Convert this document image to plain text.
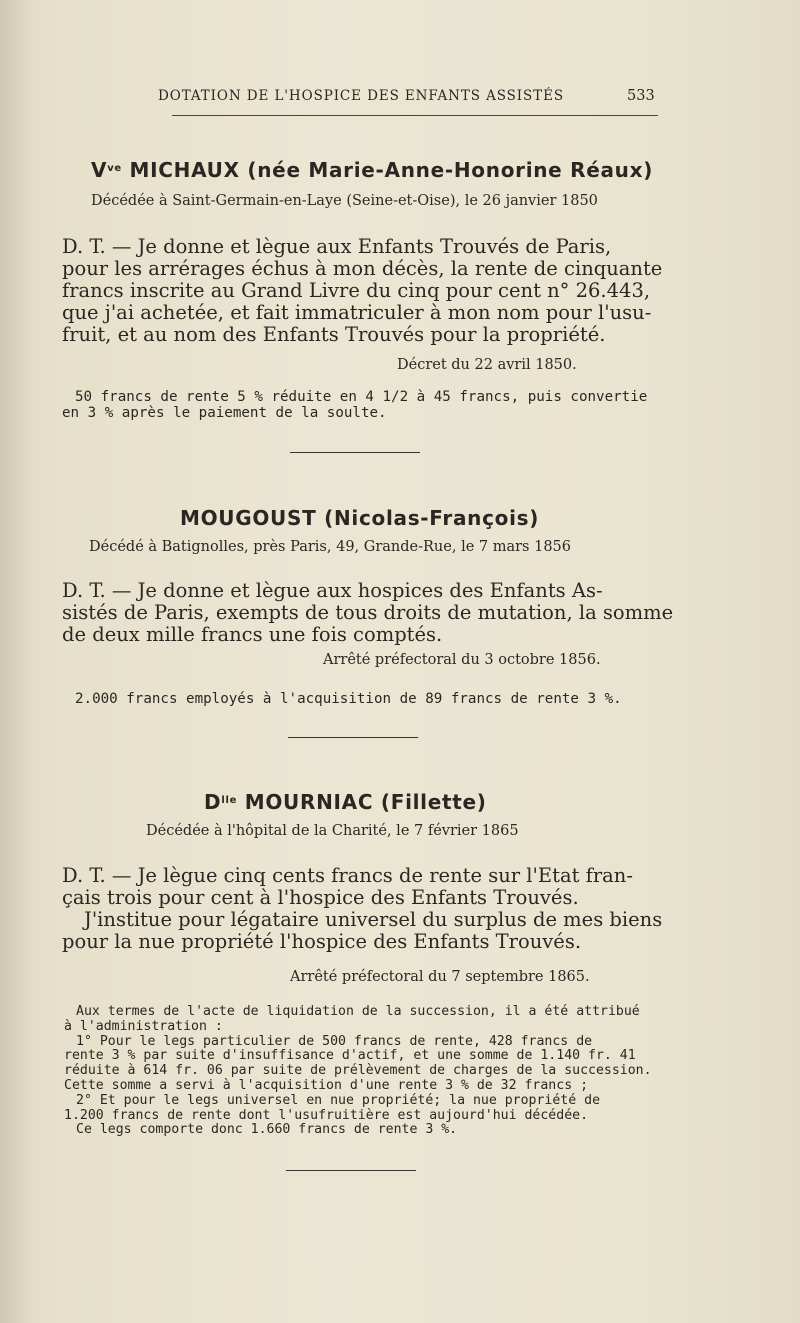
DOTATION DE L'HOSPICE DES ENFANTS ASSISTÉS	533
$V^{ve}$ MICHAUX (née Marie-Anne-Honorine Réaux)
Décédée à Saint-Germain-en-Laye (Seine-et-Oise), le 26 janvier 1850
D. T. — Je donne et lègue aux Enfants Trouvés de Paris,
pour les arrérages échus à mon décès, la rente de cinquante
francs inscrite au Grand Livre du cinq pour cent n° 26.443,
que j'ai achetée, et fait immatriculer à mon nom pour l'usu-
fruit, et au nom des Enfants Trouvés pour la propriété.
Décret du 22 avril 1850.
50 francs de rente 5 % réduite en 4 1/2 à 45 francs, puis convertie
en 3 % après le paiement de la soulte.
MOUGOUST (Nicolas-François)
Décédé à Batignolles, près Paris, 49, Grande-Rue, le 7 mars 1856
D. T. — Je donne et lègue aux hospices des Enfants As-
sistés de Paris, exempts de tous droits de mutation, la somme
de deux mille francs une fois comptés.
Arrêté préfectoral du 3 octobre 1856.
2.000 francs employés à l'acquisition de 89 francs de rente 3 %.
$D^{lle}$ MOURNIAC (Fillette)
Décédée à l'hôpital de la Charité, le 7 février 1865
D. T. — Je lègue cinq cents francs de rente sur l'Etat fran-
çais trois pour cent à l'hospice des Enfants Trouvés.
J'institue pour légataire universel du surplus de mes biens
pour la nue propriété l'hospice des Enfants Trouvés.
Arrêté préfectoral du 7 septembre 1865.
Aux termes de l'acte de liquidation de la succession, il a été attribué
à l'administration :
1° Pour le legs particulier de 500 francs de rente, 428 francs de
rente 3 % par suite d'insuffisance d'actif, et une somme de 1.140 fr. 41
réduite à 614 fr. 06 par suite de prélèvement de charges de la succession.
Cette somme a servi à l'acquisition d'une rente 3 % de 32 francs ;
2° Et pour le legs universel en nue propriété; la nue propriété de
1.200 francs de rente dont l'usufruitière est aujourd'hui décédée.
Ce legs comporte donc 1.660 francs de rente 3 %.
